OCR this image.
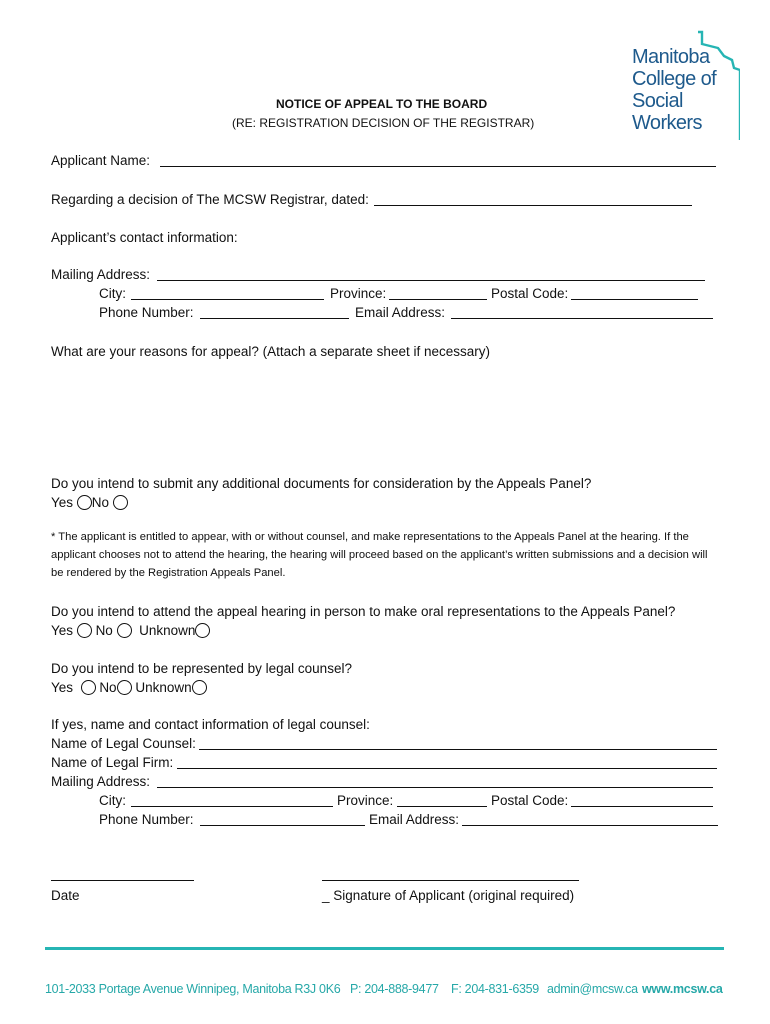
Manitoba
College of
Social
Workers
NOTICE OF APPEAL TO THE BOARD
(RE: REGISTRATION DECISION OF THE REGISTRAR)
Applicant Name:
Regarding a decision of The MCSW Registrar, dated:
Applicant’s contact information:
Mailing Address:
City:	Province:	Postal Code:
Phone Number:	Email Address:
What are your reasons for appeal? (Attach a separate sheet if necessary)
Do you intend to submit any additional documents for consideration by the Appeals Panel?
Yes No
* The applicant is entitled to appear, with or without counsel, and make representations to the Appeals Panel at the hearing. If the applicant chooses not to attend the hearing, the hearing will proceed based on the applicant’s written submissions and a decision will be rendered by the Registration Appeals Panel.
Do you intend to attend the appeal hearing in person to make oral representations to the Appeals Panel?
Yes No Unknown
Do you intend to be represented by legal counsel?
Yes No Unknown
If yes, name and contact information of legal counsel:
Name of Legal Counsel:
Name of Legal Firm:
Mailing Address:
City:	Province:	Postal Code:
Phone Number:	Email Address:
Date	_ Signature of Applicant (original required)
101-2033 Portage Avenue Winnipeg, Manitoba R3J 0K6 P: 204-888-9477 F: 204-831-6359 admin@mcsw.ca www.mcsw.ca
